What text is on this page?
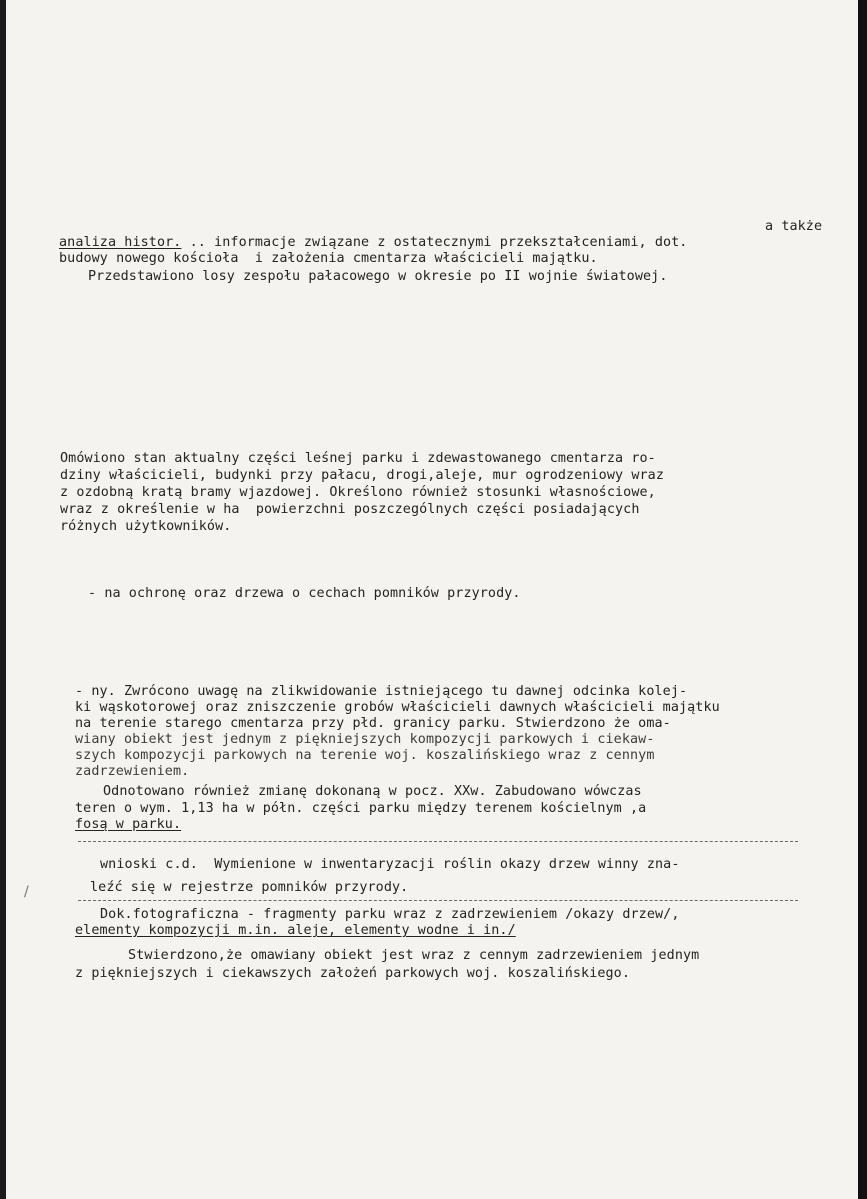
a także
analiza histor. .. informacje związane z ostatecznymi przekształceniami, dot.
budowy nowego kościoła  i założenia cmentarza właścicieli majątku.
Przedstawiono losy zespołu pałacowego w okresie po II wojnie światowej.
Omówiono stan aktualny części leśnej parku i zdewastowanego cmentarza ro-
dziny właścicieli, budynki przy pałacu, drogi,aleje, mur ogrodzeniowy wraz
z ozdobną kratą bramy wjazdowej. Określono również stosunki własnościowe,
wraz z określenie w ha  powierzchni poszczególnych części posiadających
różnych użytkowników.
- na ochronę oraz drzewa o cechach pomników przyrody.
- ny. Zwrócono uwagę na zlikwidowanie istniejącego tu dawnej odcinka kolej-
ki wąskotorowej oraz zniszczenie grobów właścicieli dawnych właścicieli majątku
na terenie starego cmentarza przy płd. granicy parku. Stwierdzono że oma-
wiany obiekt jest jednym z piękniejszych kompozycji parkowych i ciekaw-
szych kompozycji parkowych na terenie woj. koszalińskiego wraz z cennym
zadrzewieniem.
Odnotowano również zmianę dokonaną w pocz. XXw. Zabudowano wówczas
teren o wym. 1,13 ha w półn. części parku między terenem kościelnym ,a
fosą w parku.
wnioski c.d.  Wymienione w inwentaryzacji roślin okazy drzew winny zna-
leźć się w rejestrze pomników przyrody.
/
Dok.fotograficzna - fragmenty parku wraz z zadrzewieniem /okazy drzew/,
elementy kompozycji m.in. aleje, elementy wodne i in./
Stwierdzono,że omawiany obiekt jest wraz z cennym zadrzewieniem jednym
z piękniejszych i ciekawszych założeń parkowych woj. koszalińskiego.
